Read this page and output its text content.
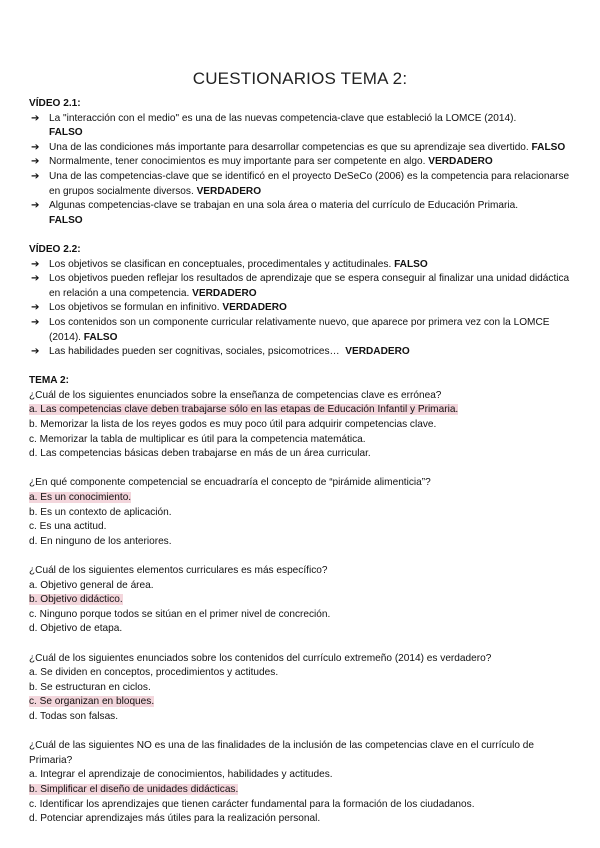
CUESTIONARIOS TEMA 2:
VÍDEO 2.1:
➔ La "interacción con el medio" es una de las nuevas competencia-clave que estableció la LOMCE (2014).
FALSO
➔ Una de las condiciones más importante para desarrollar competencias es que su aprendizaje sea divertido. FALSO
➔ Normalmente, tener conocimientos es muy importante para ser competente en algo. VERDADERO
➔ Una de las competencias-clave que se identificó en el proyecto DeSeCo (2006) es la competencia para relacionarse en grupos socialmente diversos. VERDADERO
➔ Algunas competencias-clave se trabajan en una sola área o materia del currículo de Educación Primaria.
FALSO
VÍDEO 2.2:
➔ Los objetivos se clasifican en conceptuales, procedimentales y actitudinales. FALSO
➔ Los objetivos pueden reflejar los resultados de aprendizaje que se espera conseguir al finalizar una unidad didáctica en relación a una competencia. VERDADERO
➔ Los objetivos se formulan en infinitivo. VERDADERO
➔ Los contenidos son un componente curricular relativamente nuevo, que aparece por primera vez con la LOMCE (2014). FALSO
➔ Las habilidades pueden ser cognitivas, sociales, psicomotrices… VERDADERO
TEMA 2:
¿Cuál de los siguientes enunciados sobre la enseñanza de competencias clave es errónea?
a. Las competencias clave deben trabajarse sólo en las etapas de Educación Infantil y Primaria.
b. Memorizar la lista de los reyes godos es muy poco útil para adquirir competencias clave.
c. Memorizar la tabla de multiplicar es útil para la competencia matemática.
d. Las competencias básicas deben trabajarse en más de un área curricular.
¿En qué componente competencial se encuadraría el concepto de “pirámide alimenticia”?
a. Es un conocimiento.
b. Es un contexto de aplicación.
c. Es una actitud.
d. En ninguno de los anteriores.
¿Cuál de los siguientes elementos curriculares es más específico?
a. Objetivo general de área.
b. Objetivo didáctico.
c. Ninguno porque todos se sitúan en el primer nivel de concreción.
d. Objetivo de etapa.
¿Cuál de los siguientes enunciados sobre los contenidos del currículo extremeño (2014) es verdadero?
a. Se dividen en conceptos, procedimientos y actitudes.
b. Se estructuran en ciclos.
c. Se organizan en bloques.
d. Todas son falsas.
¿Cuál de las siguientes NO es una de las finalidades de la inclusión de las competencias clave en el currículo de Primaria?
a. Integrar el aprendizaje de conocimientos, habilidades y actitudes.
b. Simplificar el diseño de unidades didácticas.
c. Identificar los aprendizajes que tienen carácter fundamental para la formación de los ciudadanos.
d. Potenciar aprendizajes más útiles para la realización personal.
